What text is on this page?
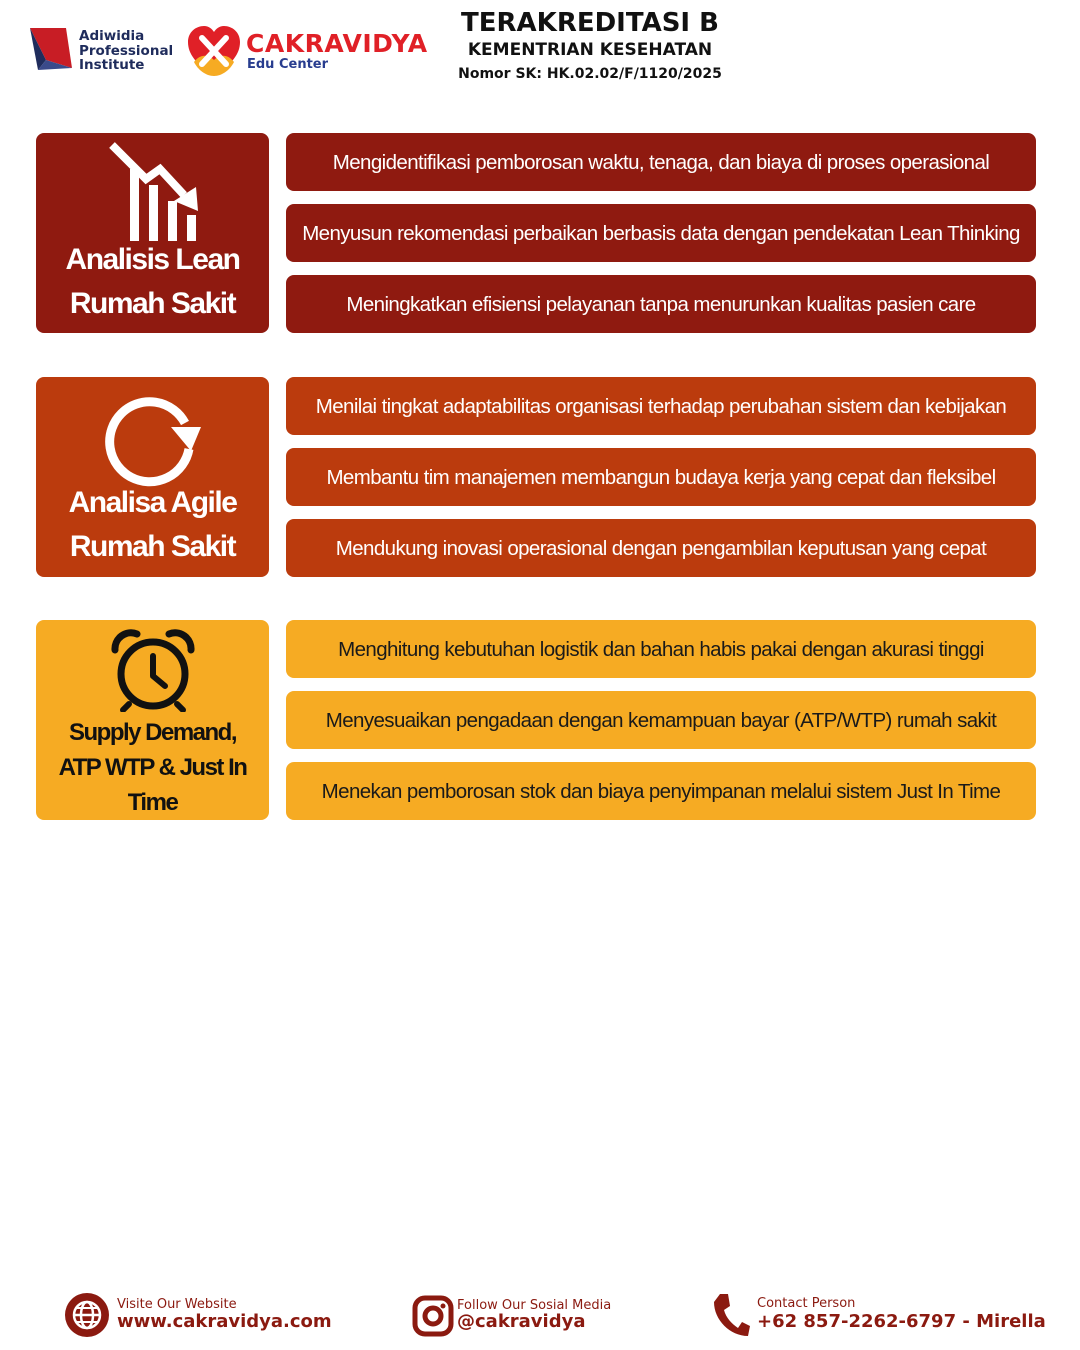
Adiwidia
Professional
Institute
CAKRAVIDYA
Edu Center
TERAKREDITASI B
KEMENTRIAN KESEHATAN
Nomor SK: HK.02.02/F/1120/2025
Analisis Lean
Rumah Sakit
Mengidentifikasi pemborosan waktu, tenaga, dan biaya di proses operasional
Menyusun rekomendasi perbaikan berbasis data dengan pendekatan Lean Thinking
Meningkatkan efisiensi pelayanan tanpa menurunkan kualitas pasien care
Analisa Agile
Rumah Sakit
Menilai tingkat adaptabilitas organisasi terhadap perubahan sistem dan kebijakan
Membantu tim manajemen membangun budaya kerja yang cepat dan fleksibel
Mendukung inovasi operasional dengan pengambilan keputusan yang cepat
Supply Demand,
ATP WTP & Just In
Time
Menghitung kebutuhan logistik dan bahan habis pakai dengan akurasi tinggi
Menyesuaikan pengadaan dengan kemampuan bayar (ATP/WTP) rumah sakit
Menekan pemborosan stok dan biaya penyimpanan melalui sistem Just In Time
Visite Our Website
www.cakravidya.com
Follow Our Sosial Media
@cakravidya
Contact Person
+62 857-2262-6797 - Mirella
